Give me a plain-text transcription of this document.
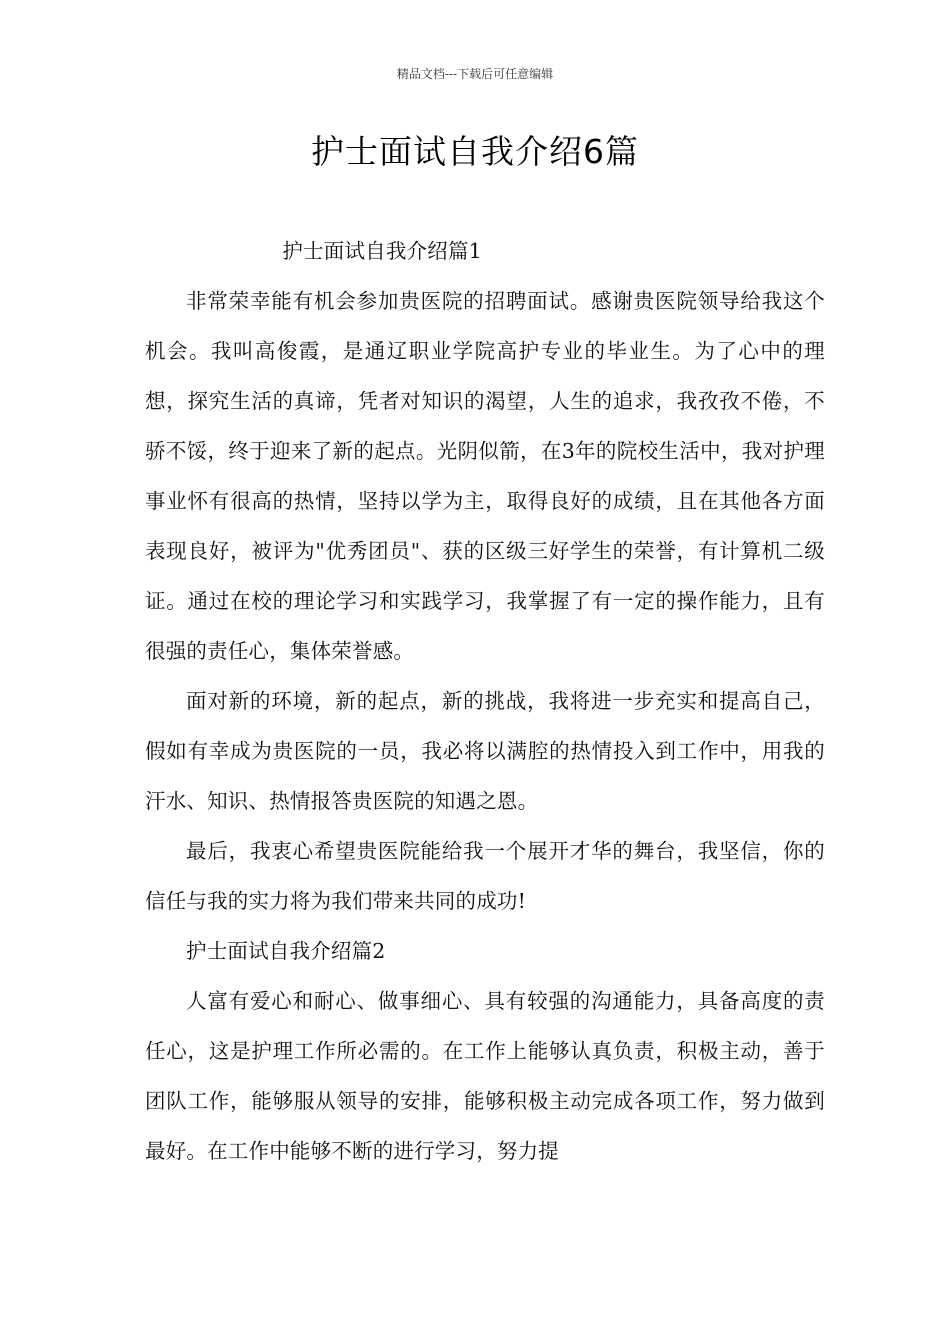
精品文档---下载后可任意编辑
护士面试自我介绍6篇

护士面试自我介绍篇1

非常荣幸能有机会参加贵医院的招聘面试。感谢贵医院领导给我这个机会。我叫高俊霞，是通辽职业学院高护专业的毕业生。为了心中的理想，探究生活的真谛，凭者对知识的渴望，人生的追求，我孜孜不倦，不骄不馁，终于迎来了新的起点。光阴似箭，在3年的院校生活中，我对护理事业怀有很高的热情，坚持以学为主，取得良好的成绩，且在其他各方面表现良好，被评为"优秀团员"、获的区级三好学生的荣誉，有计算机二级证。通过在校的理论学习和实践学习，我掌握了有一定的操作能力，且有很强的责任心，集体荣誉感。

面对新的环境，新的起点，新的挑战，我将进一步充实和提高自己，假如有幸成为贵医院的一员，我必将以满腔的热情投入到工作中，用我的汗水、知识、热情报答贵医院的知遇之恩。

最后，我衷心希望贵医院能给我一个展开才华的舞台，我坚信，你的信任与我的实力将为我们带来共同的成功!

护士面试自我介绍篇2

人富有爱心和耐心、做事细心、具有较强的沟通能力，具备高度的责任心，这是护理工作所必需的。在工作上能够认真负责，积极主动，善于团队工作，能够服从领导的安排，能够积极主动完成各项工作，努力做到最好。在工作中能够不断的进行学习，努力提
